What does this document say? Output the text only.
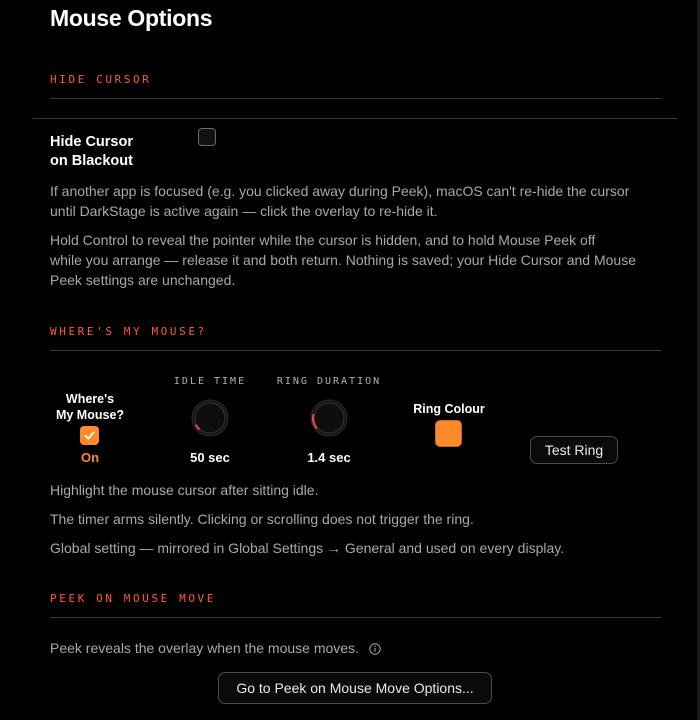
Mouse Options
HIDE CURSOR
Hide Cursor
on Blackout
If another app is focused (e.g. you clicked away during Peek), macOS can't re-hide the cursor
until DarkStage is active again — click the overlay to re-hide it.
Hold Control to reveal the pointer while the cursor is hidden, and to hold Mouse Peek off
while you arrange — release it and both return. Nothing is saved; your Hide Cursor and Mouse
Peek settings are unchanged.
WHERE'S MY MOUSE?
Where's
My Mouse?
On
IDLE TIME
50 sec
RING DURATION
1.4 sec
Ring Colour
Test Ring
Highlight the mouse cursor after sitting idle.
The timer arms silently. Clicking or scrolling does not trigger the ring.
Global setting — mirrored in Global Settings → General and used on every display.
PEEK ON MOUSE MOVE
Peek reveals the overlay when the mouse moves.
Go to Peek on Mouse Move Options...
